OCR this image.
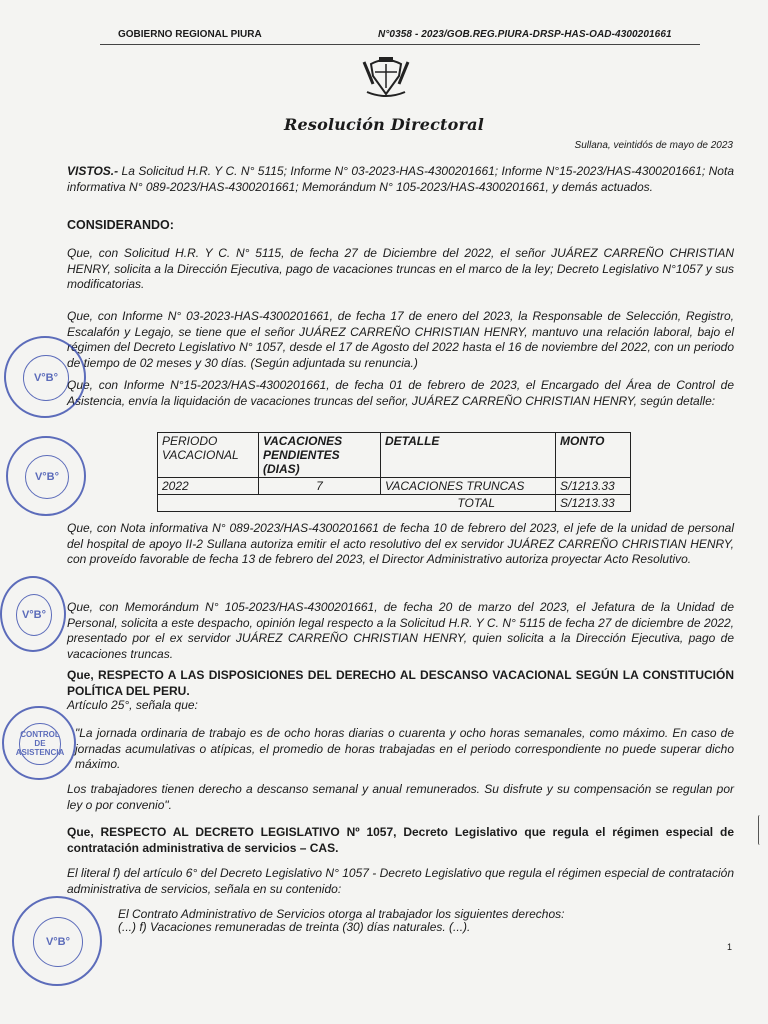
GOBIERNO REGIONAL PIURA	N°0358 - 2023/GOB.REG.PIURA-DRSP-HAS-OAD-4300201661
Resolución Directoral
Sullana, veintidós de mayo de 2023
VISTOS.- La Solicitud H.R. Y C. N° 5115; Informe N° 03-2023-HAS-4300201661; Informe N°15-2023/HAS-4300201661; Nota informativa N° 089-2023/HAS-4300201661; Memorándum N° 105-2023/HAS-4300201661, y demás actuados.
CONSIDERANDO:
Que, con Solicitud H.R. Y C. N° 5115, de fecha 27 de Diciembre del 2022, el señor JUÁREZ CARREÑO CHRISTIAN HENRY, solicita a la Dirección Ejecutiva, pago de vacaciones truncas en el marco de la ley; Decreto Legislativo N°1057 y sus modificatorias.
Que, con Informe N° 03-2023-HAS-4300201661, de fecha 17 de enero del 2023, la Responsable de Selección, Registro, Escalafón y Legajo, se tiene que el señor JUÁREZ CARREÑO CHRISTIAN HENRY, mantuvo una relación laboral, bajo el régimen del Decreto Legislativo N° 1057, desde el 17 de Agosto del 2022 hasta el 16 de noviembre del 2022, con un periodo de tiempo de 02 meses y 30 días. (Según adjuntada su renuncia.)
Que, con Informe N°15-2023/HAS-4300201661, de fecha 01 de febrero de 2023, el Encargado del Área de Control de Asistencia, envía la liquidación de vacaciones truncas del señor, JUÁREZ CARREÑO CHRISTIAN HENRY, según detalle:
PERIODO VACACIONAL	VACACIONES PENDIENTES (DIAS)	DETALLE	MONTO
2022	7	VACACIONES TRUNCAS	S/1213.33
TOTAL			S/1213.33
Que, con Nota informativa N° 089-2023/HAS-4300201661 de fecha 10 de febrero del 2023, el jefe de la unidad de personal del hospital de apoyo II-2 Sullana autoriza emitir el acto resolutivo del ex servidor JUÁREZ CARREÑO CHRISTIAN HENRY, con proveído favorable de fecha 13 de febrero del 2023, el Director Administrativo autoriza proyectar Acto Resolutivo.
Que, con Memorándum N° 105-2023/HAS-4300201661, de fecha 20 de marzo del 2023, el Jefatura de la Unidad de Personal, solicita a este despacho, opinión legal respecto a la Solicitud H.R. Y C. N° 5115 de fecha 27 de diciembre de 2022, presentado por el ex servidor JUÁREZ CARREÑO CHRISTIAN HENRY, quien solicita a la Dirección Ejecutiva, pago de vacaciones truncas.
Que, RESPECTO A LAS DISPOSICIONES DEL DERECHO AL DESCANSO VACACIONAL SEGÚN LA CONSTITUCIÓN POLÍTICA DEL PERU.
Artículo 25°, señala que:
"La jornada ordinaria de trabajo es de ocho horas diarias o cuarenta y ocho horas semanales, como máximo. En caso de jornadas acumulativas o atípicas, el promedio de horas trabajadas en el periodo correspondiente no puede superar dicho máximo.
Los trabajadores tienen derecho a descanso semanal y anual remunerados. Su disfrute y su compensación se regulan por ley o por convenio".
Que, RESPECTO AL DECRETO LEGISLATIVO Nº 1057, Decreto Legislativo que regula el régimen especial de contratación administrativa de servicios – CAS.
El literal f) del artículo 6° del Decreto Legislativo N° 1057 - Decreto Legislativo que regula el régimen especial de contratación administrativa de servicios, señala en su contenido:
El Contrato Administrativo de Servicios otorga al trabajador los siguientes derechos:
(...) f) Vacaciones remuneradas de treinta (30) días naturales. (...).
1
V°B°
V°B°
V°B°
CONTROL DE ASISTENCIA
V°B°
